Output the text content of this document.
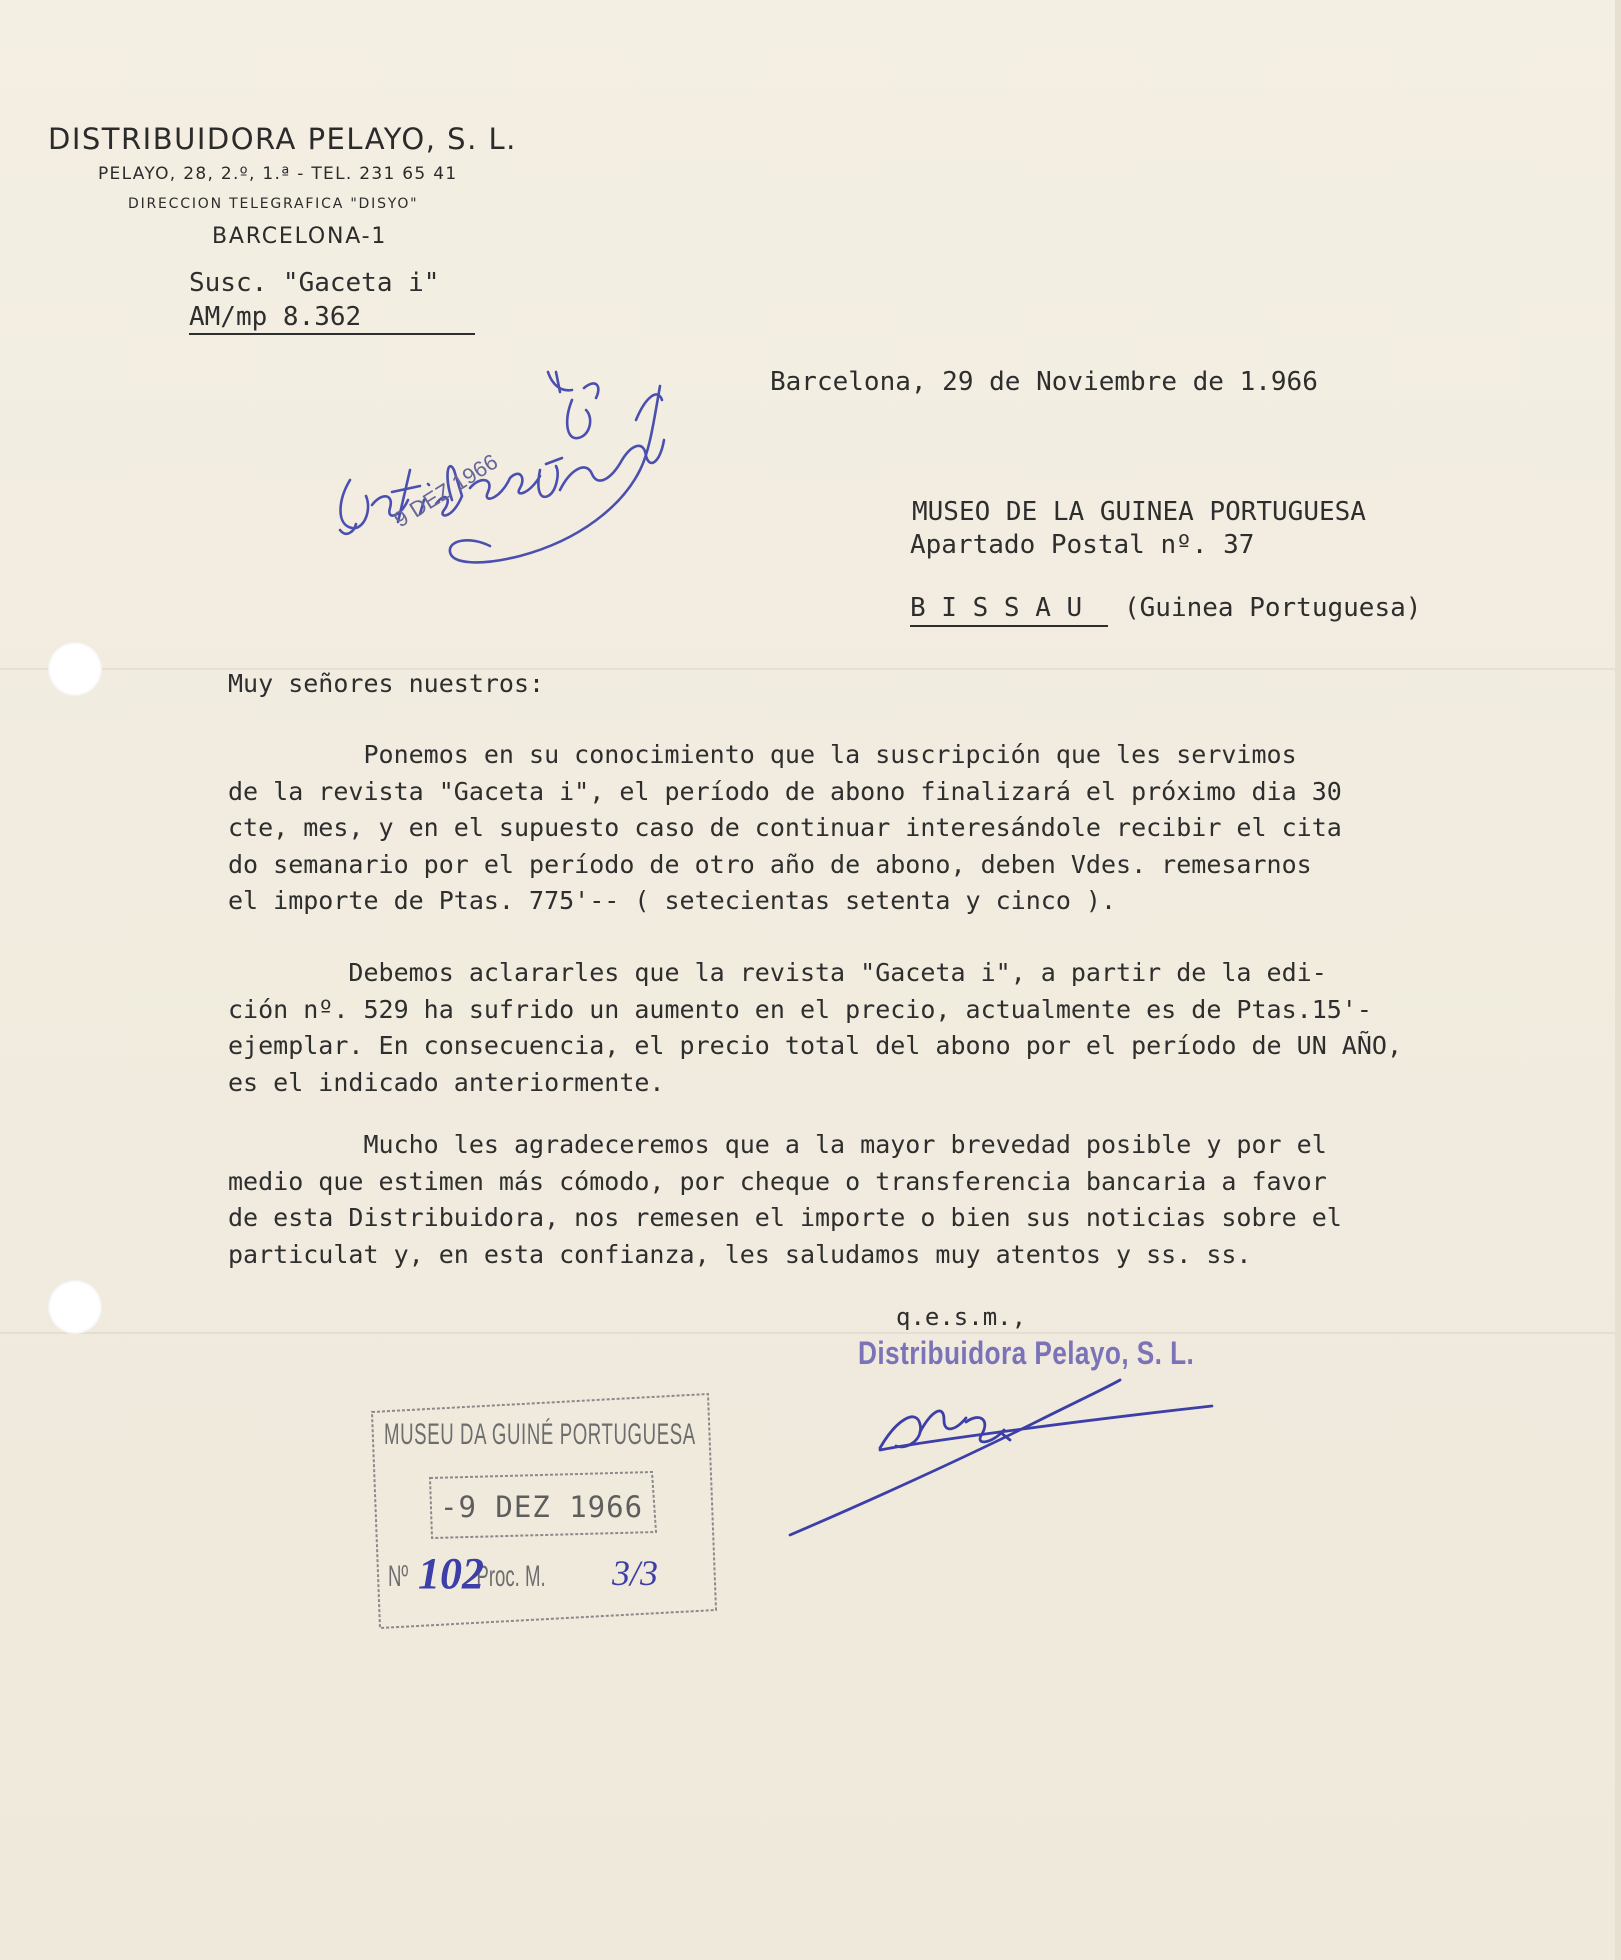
DISTRIBUIDORA PELAYO, S. L.
PELAYO, 28, 2.º, 1.ª - TEL. 231 65 41
DIRECCION TELEGRAFICA "DISYO"
BARCELONA-1
Susc. "Gaceta i"
AM/mp 8.362
Barcelona, 29 de Noviembre de 1.966
MUSEO DE LA GUINEA PORTUGUESA
Apartado Postal nº. 37
B I S S A U (Guinea Portuguesa)
Muy señores nuestros:
Ponemos en su conocimiento que la suscripción que les servimos
de la revista "Gaceta i", el período de abono finalizará el próximo dia 30
cte, mes, y en el supuesto caso de continuar interesándole recibir el cita
do semanario por el período de otro año de abono, deben Vdes. remesarnos
el importe de Ptas. 775'-- ( setecientas setenta y cinco ).
Debemos aclararles que la revista "Gaceta i", a partir de la edi-
ción nº. 529 ha sufrido un aumento en el precio, actualmente es de Ptas.15'-
ejemplar. En consecuencia, el precio total del abono por el período de UN AÑO,
es el indicado anteriormente.
Mucho les agradeceremos que a la mayor brevedad posible y por el
medio que estimen más cómodo, por cheque o transferencia bancaria a favor
de esta Distribuidora, nos remesen el importe o bien sus noticias sobre el
particulat y, en esta confianza, les saludamos muy atentos y ss. ss.
q.e.s.m.,
Distribuidora Pelayo, S. L.
9 DEZ 1966
MUSEU DA GUINÉ PORTUGUESA
-9 DEZ 1966
Nº Proc. M.
102	3/3
